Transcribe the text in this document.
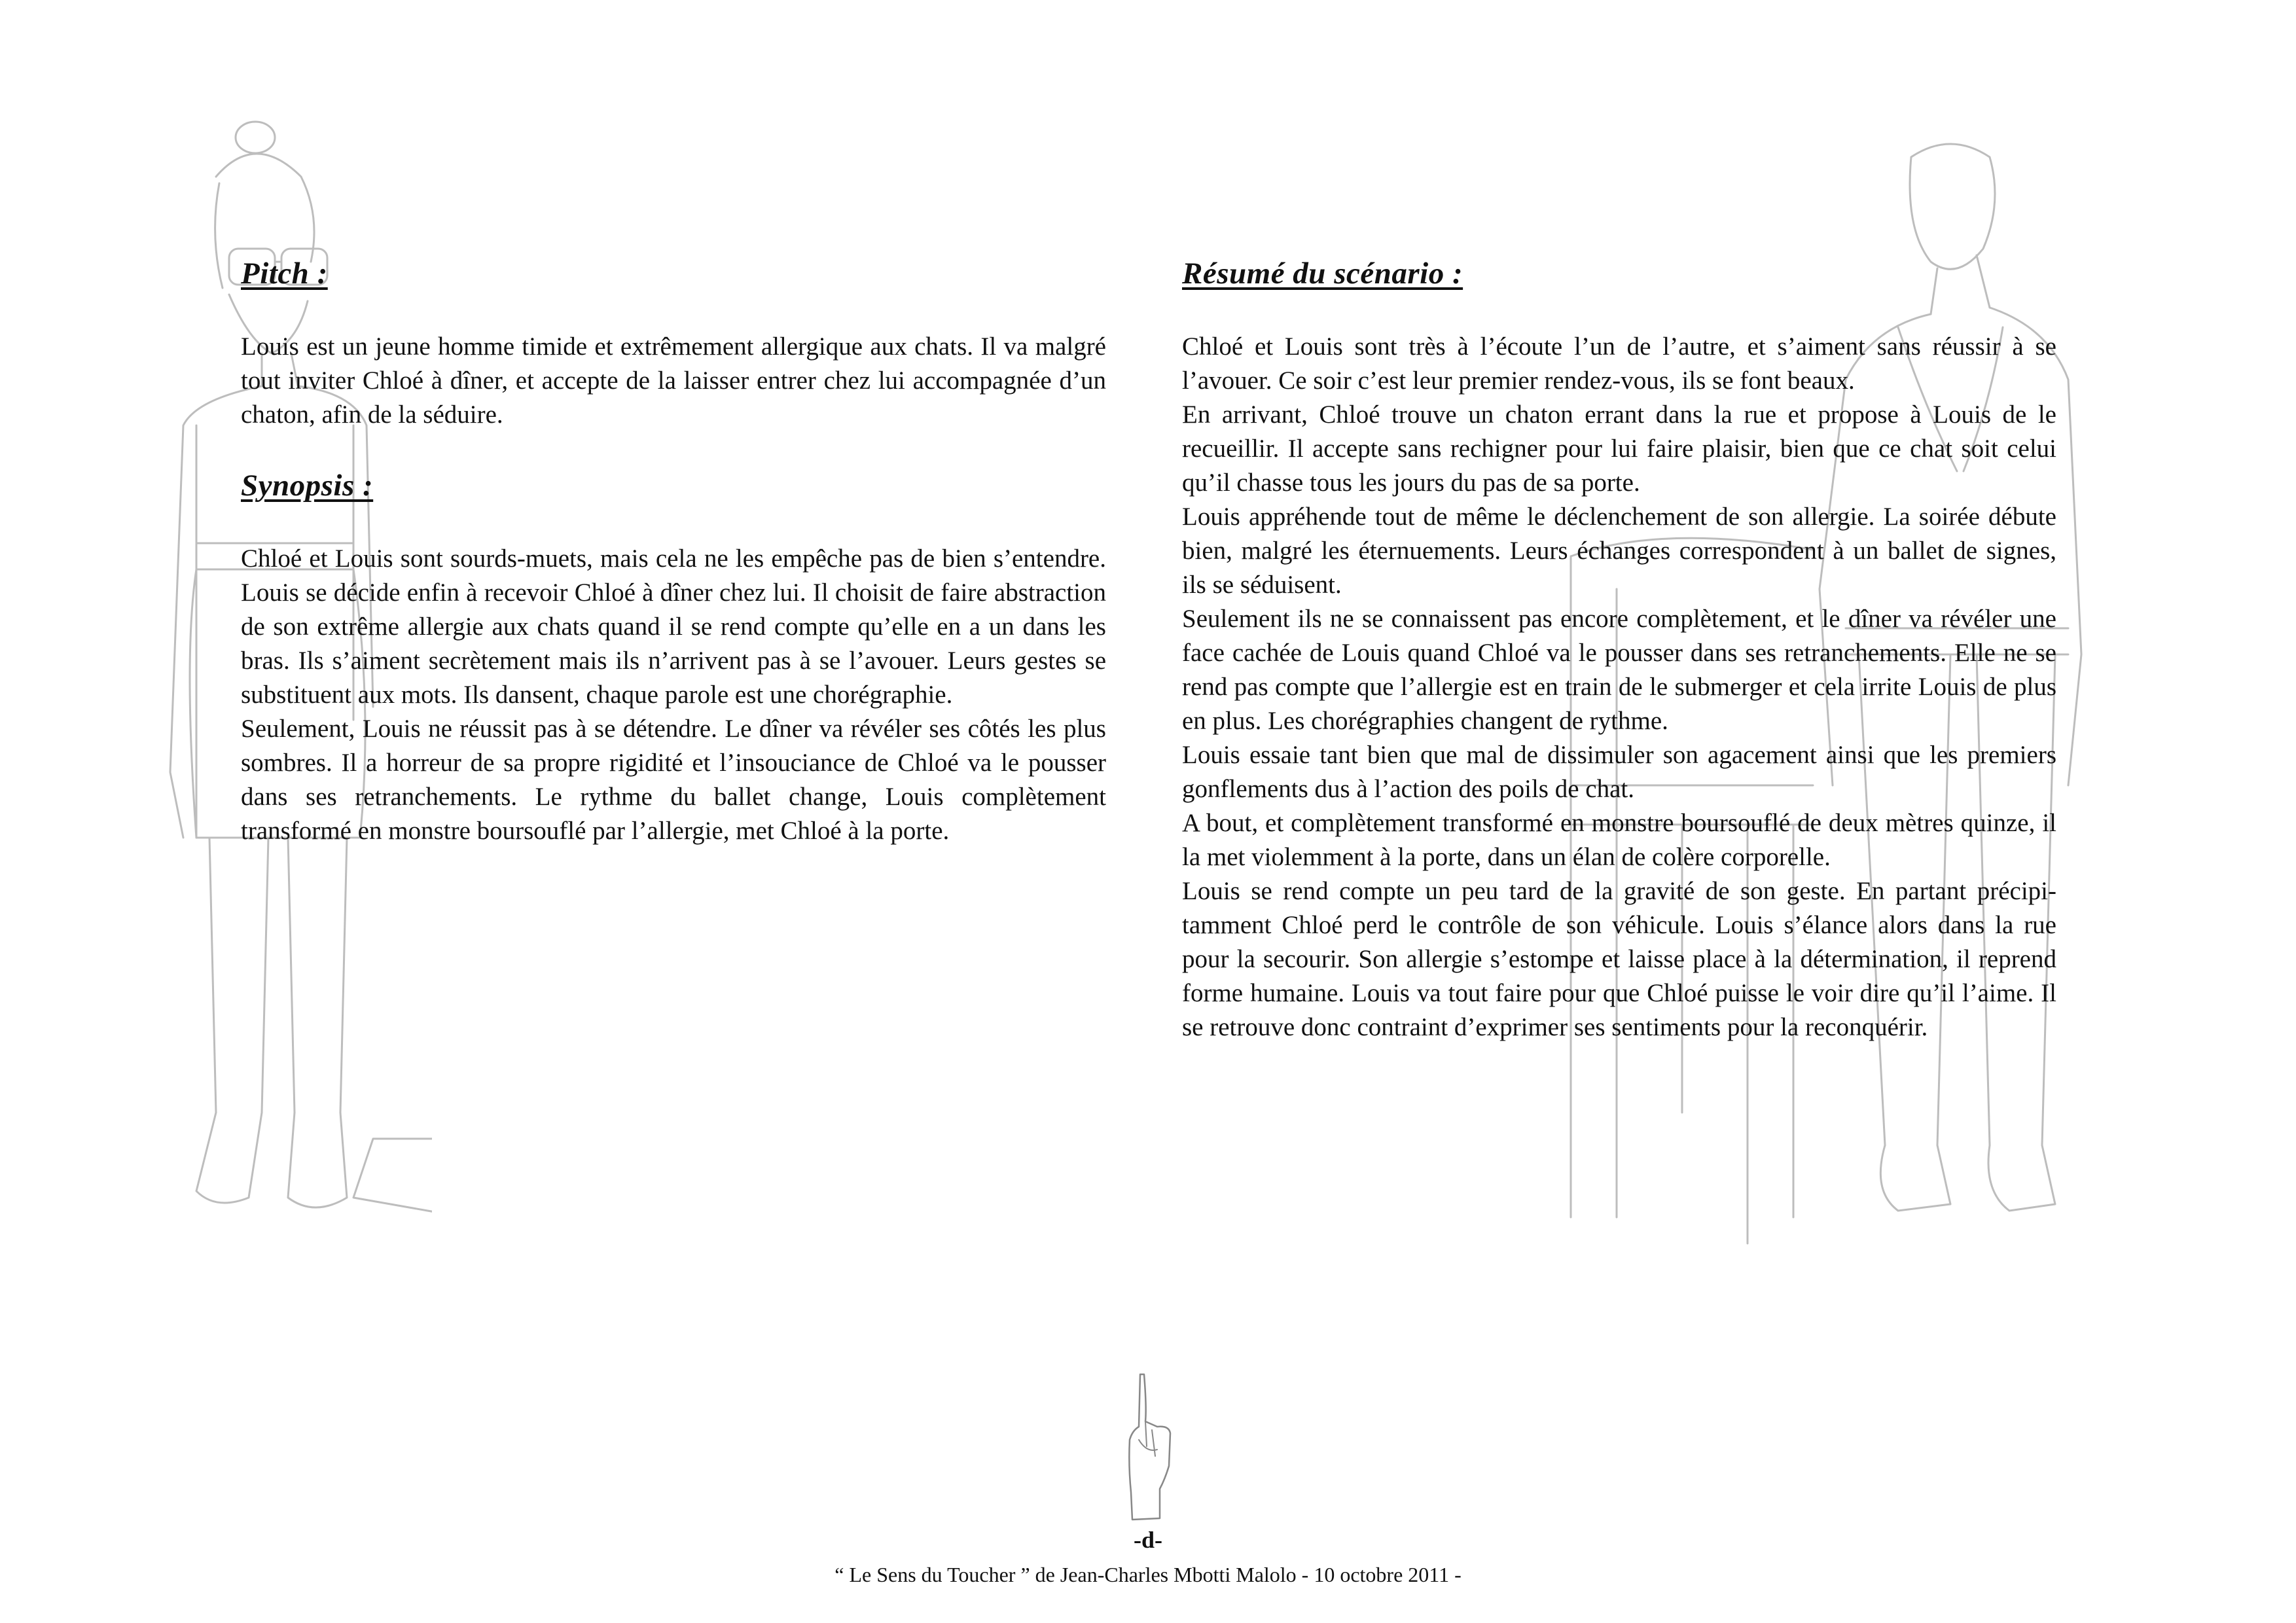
Pitch :

Louis est un jeune homme timide et extrêmement allergique aux chats. Il va malgré tout inviter Chloé à dîner, et accepte de la laisser entrer chez lui accompagnée d’un chaton, afin de la séduire.

Synopsis :

Chloé et Louis sont sourds-muets, mais cela ne les empêche pas de bien s’entendre. Louis se décide enfin à recevoir Chloé à dîner chez lui. Il choisit de faire abstraction de son extrême allergie aux chats quand il se rend compte qu’elle en a un dans les bras. Ils s’aiment secrètement mais ils n’arrivent pas à se l’avouer. Leurs gestes se substituent aux mots. Ils dansent, chaque parole est une chorégraphie.

Seulement, Louis ne réussit pas à se détendre. Le dîner va révéler ses côtés les plus sombres. Il a horreur de sa propre rigidité et l’insouciance de Chloé va le pousser dans ses retranchements. Le rythme du ballet change, Louis complètement transformé en monstre boursouflé par l’allergie, met Chloé à la porte.

Résumé du scénario :

Chloé et Louis sont très à l’écoute l’un de l’autre, et s’aiment sans réussir à se l’avouer. Ce soir c’est leur premier rendez-vous, ils se font beaux.

En arrivant, Chloé trouve un chaton errant dans la rue et propose à Louis de le recueillir. Il accepte sans rechigner pour lui faire plaisir, bien que ce chat soit celui qu’il chasse tous les jours du pas de sa porte.

Louis appréhende tout de même le déclenchement de son allergie. La soirée débute bien, malgré les éternuements. Leurs échanges correspondent à un ballet de signes, ils se séduisent.

Seulement ils ne se connaissent pas encore complètement, et le dîner va révéler une face cachée de Louis quand Chloé va le pousser dans ses retranchements. Elle ne se rend pas compte que l’allergie est en train de le submerger et cela irrite Louis de plus en plus. Les chorégraphies changent de rythme.

Louis essaie tant bien que mal de dissimuler son agacement ainsi que les premiers gonflements dus à l’action des poils de chat.

A bout, et complètement transformé en monstre boursouflé de deux mètres quinze, il la met violemment à la porte, dans un élan de colère corporelle.

Louis se rend compte un peu tard de la gravité de son geste. En partant précipitamment Chloé perd le contrôle de son véhicule. Louis s’élance alors dans la rue pour la secourir. Son allergie s’estompe et laisse place à la détermination, il reprend forme humaine. Louis va tout faire pour que Chloé puisse le voir dire qu’il l’aime. Il se retrouve donc contraint d’exprimer ses sentiments pour la reconquérir.

-d-
“ Le Sens du Toucher ” de Jean-Charles Mbotti Malolo - 10 octobre 2011 -
